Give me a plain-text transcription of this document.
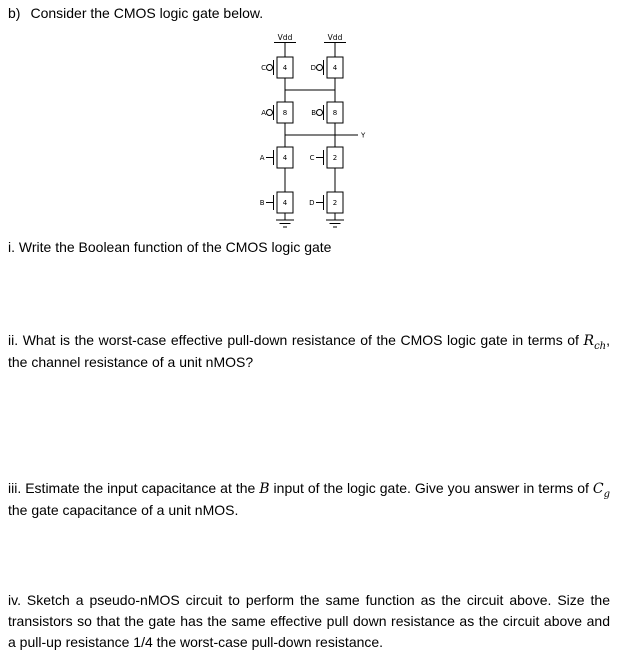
b) Consider the CMOS logic gate below.
Vdd	Vdd
Y
C 4	D 4
A 8	B 8
A	4	C	2
B	4	D	2

i. Write the Boolean function of the CMOS logic gate

ii. What is the worst-case effective pull-down resistance of the CMOS logic gate in terms of $R_{ch}$, the channel resistance of a unit nMOS?

iii. Estimate the input capacitance at the B input of the logic gate. Give you answer in terms of $C_g$ the gate capacitance of a unit nMOS.

iv. Sketch a pseudo-nMOS circuit to perform the same function as the circuit above. Size the transistors so that the gate has the same effective pull down resistance as the circuit above and a pull-up resistance 1/4 the worst-case pull-down resistance.
